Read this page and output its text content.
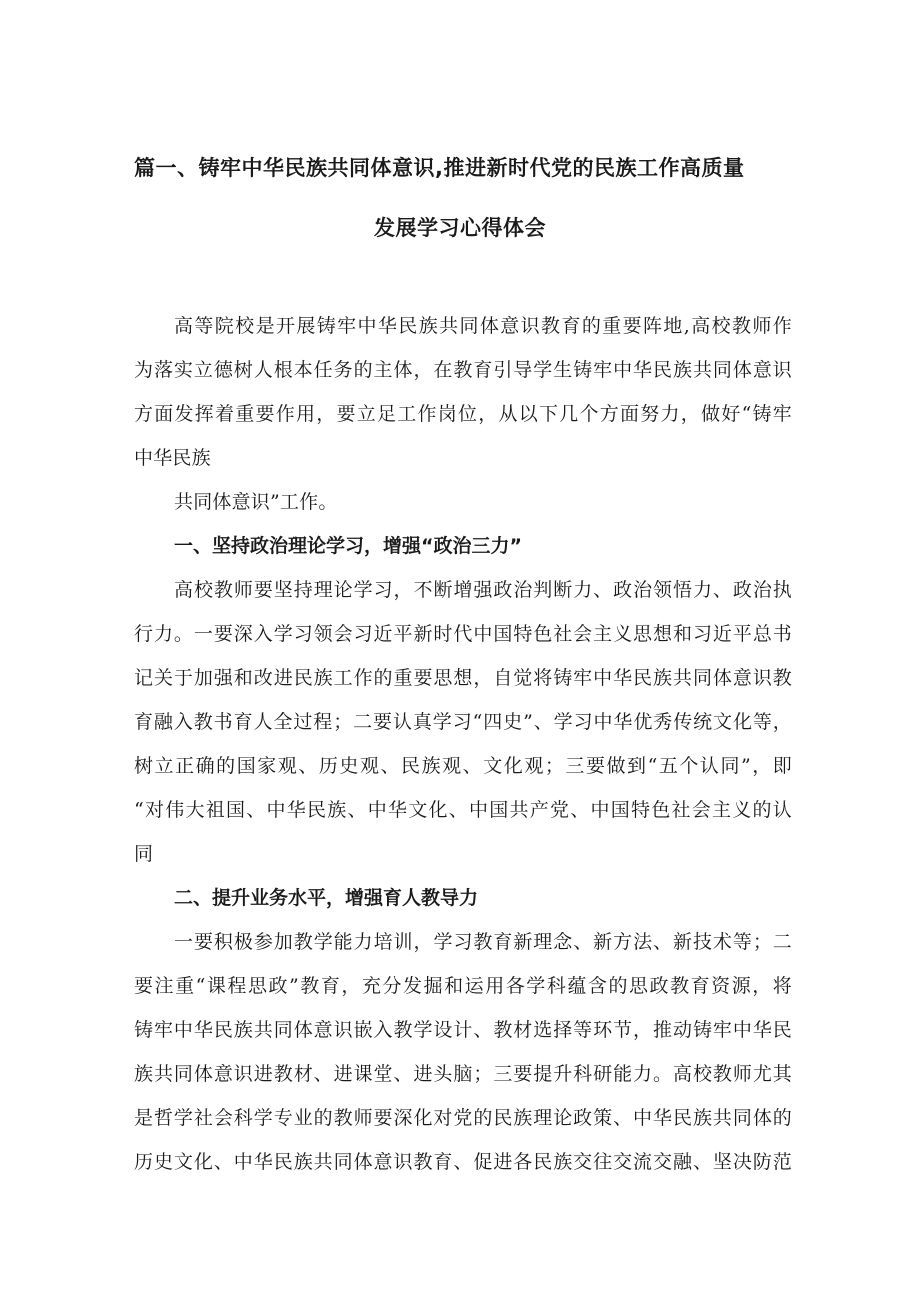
篇一、铸牢中华民族共同体意识,推进新时代党的民族工作高质量
发展学习心得体会
高等院校是开展铸牢中华民族共同体意识教育的重要阵地,高校教师作
为落实立德树人根本任务的主体，在教育引导学生铸牢中华民族共同体意识
方面发挥着重要作用，要立足工作岗位，从以下几个方面努力，做好“铸牢
中华民族
共同体意识”工作。
一、坚持政治理论学习，增强“政治三力”
高校教师要坚持理论学习，不断增强政治判断力、政治领悟力、政治执
行力。一要深入学习领会习近平新时代中国特色社会主义思想和习近平总书
记关于加强和改进民族工作的重要思想，自觉将铸牢中华民族共同体意识教
育融入教书育人全过程；二要认真学习“四史”、学习中华优秀传统文化等，
树立正确的国家观、历史观、民族观、文化观；三要做到“五个认同”，即
“对伟大祖国、中华民族、中华文化、中国共产党、中国特色社会主义的认
同
二、提升业务水平，增强育人教导力
一要积极参加教学能力培训，学习教育新理念、新方法、新技术等；二
要注重“课程思政”教育，充分发掘和运用各学科蕴含的思政教育资源，将
铸牢中华民族共同体意识嵌入教学设计、教材选择等环节，推动铸牢中华民
族共同体意识进教材、进课堂、进头脑；三要提升科研能力。高校教师尤其
是哲学社会科学专业的教师要深化对党的民族理论政策、中华民族共同体的
历史文化、中华民族共同体意识教育、促进各民族交往交流交融、坚决防范
